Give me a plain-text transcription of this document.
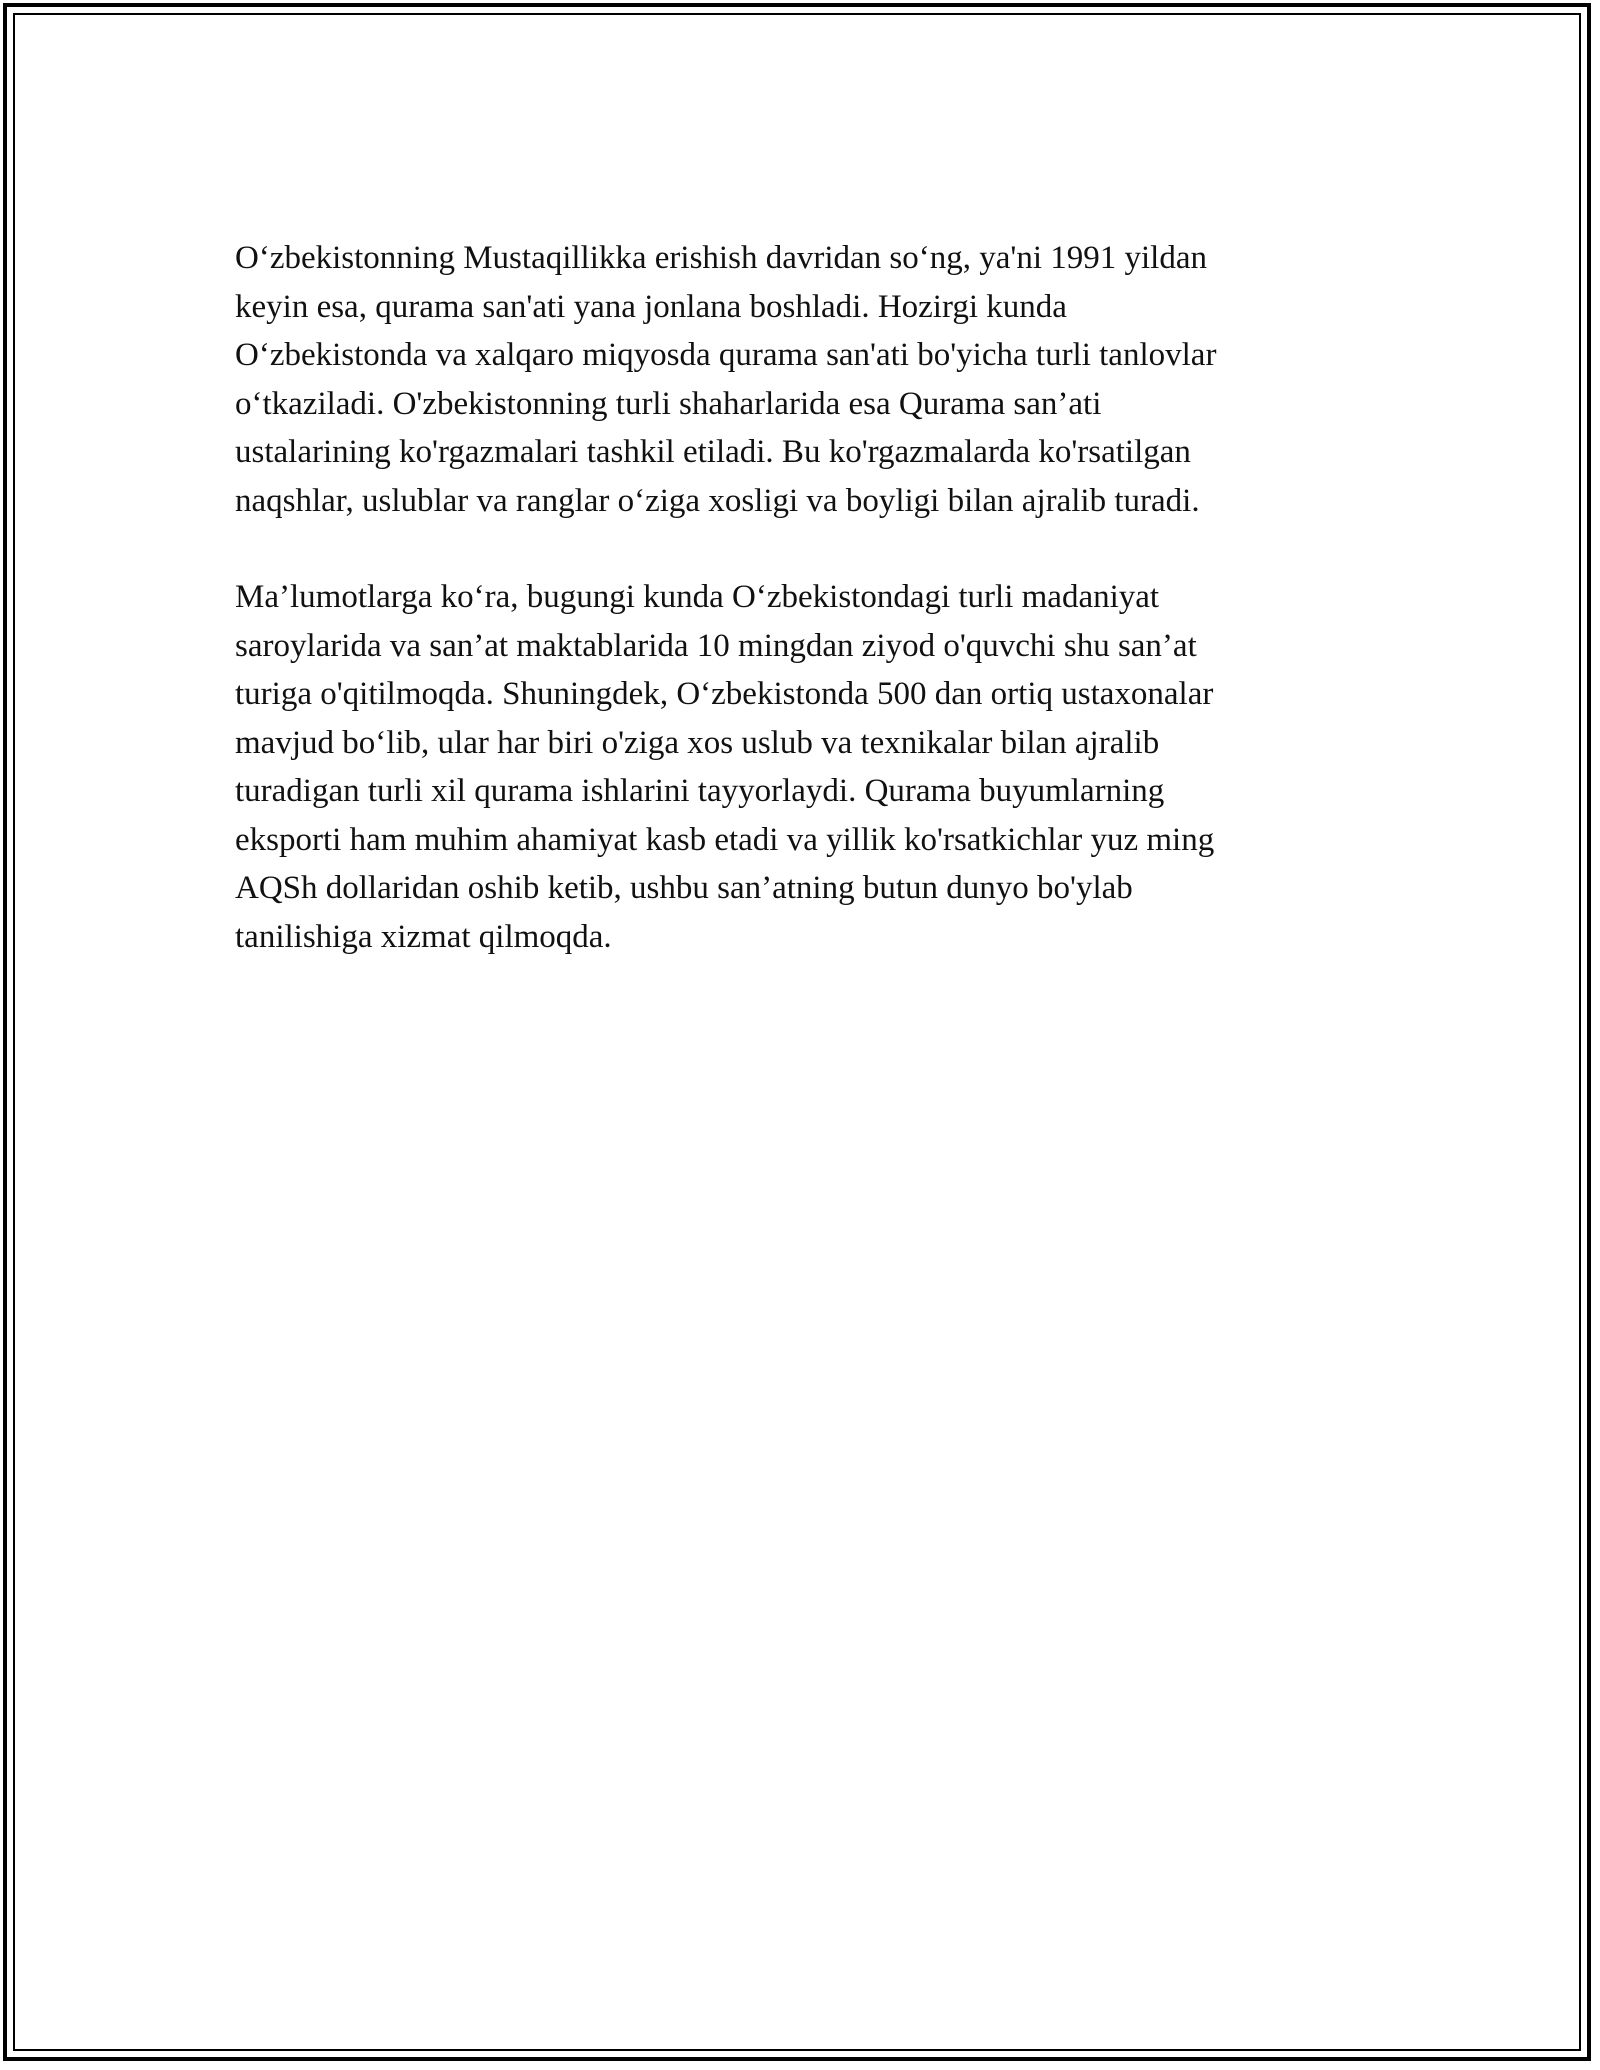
O‘zbekistonning Mustaqillikka erishish davridan so‘ng, ya'ni 1991 yildan
keyin esa, qurama san'ati yana jonlana boshladi. Hozirgi kunda
O‘zbekistonda va xalqaro miqyosda qurama san'ati bo'yicha turli tanlovlar
o‘tkaziladi. O'zbekistonning turli shaharlarida esa Qurama san’ati
ustalarining ko'rgazmalari tashkil etiladi. Bu ko'rgazmalarda ko'rsatilgan
naqshlar, uslublar va ranglar o‘ziga xosligi va boyligi bilan ajralib turadi.

Ma’lumotlarga ko‘ra, bugungi kunda O‘zbekistondagi turli madaniyat
saroylarida va san’at maktablarida 10 mingdan ziyod o'quvchi shu san’at
turiga o'qitilmoqda. Shuningdek, O‘zbekistonda 500 dan ortiq ustaxonalar
mavjud bo‘lib, ular har biri o'ziga xos uslub va texnikalar bilan ajralib
turadigan turli xil qurama ishlarini tayyorlaydi. Qurama buyumlarning
eksporti ham muhim ahamiyat kasb etadi va yillik ko'rsatkichlar yuz ming
AQSh dollaridan oshib ketib, ushbu san’atning butun dunyo bo'ylab
tanilishiga xizmat qilmoqda.
